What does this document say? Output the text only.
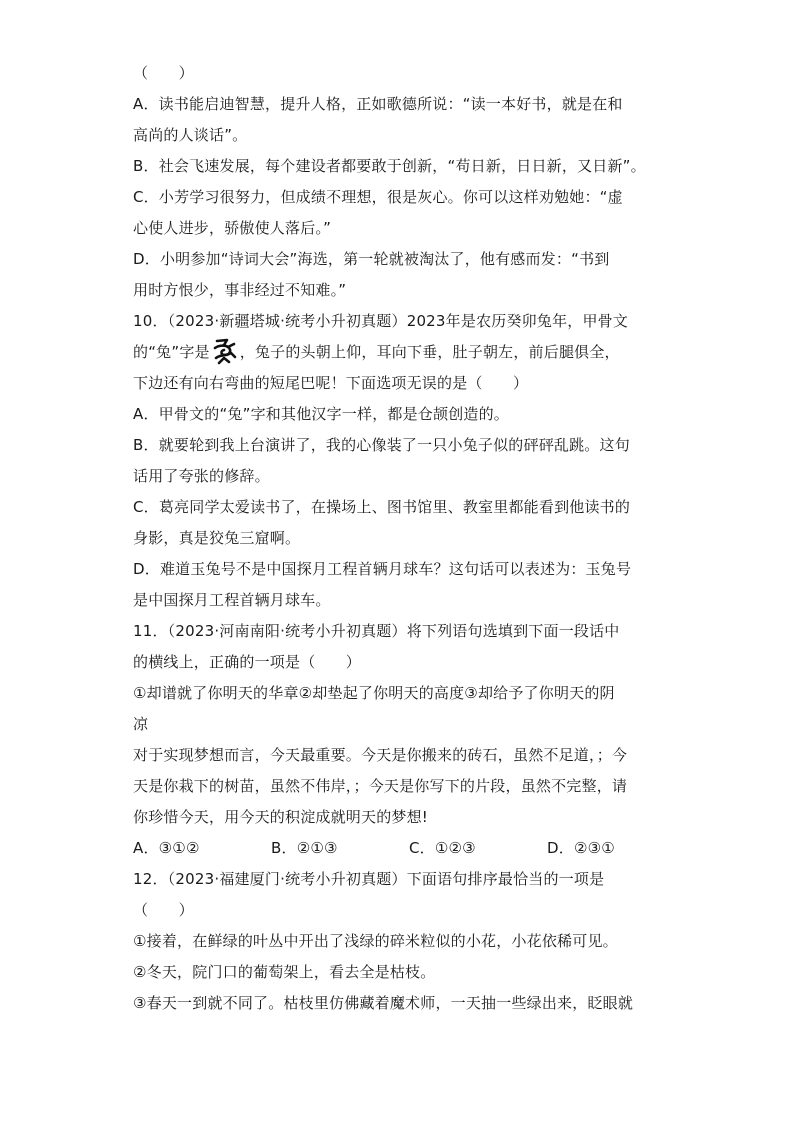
（　　）
A．读书能启迪智慧，提升人格，正如歌德所说：“读一本好书，就是在和
高尚的人谈话”。
B．社会飞速发展，每个建设者都要敢于创新，“苟日新，日日新，又日新”。
C．小芳学习很努力，但成绩不理想，很是灰心。你可以这样劝勉她：“虚
心使人进步，骄傲使人落后。”
D．小明参加“诗词大会”海选，第一轮就被淘汰了，他有感而发：“书到
用时方恨少，事非经过不知难。”
10．（2023·新疆塔城·统考小升初真题）2023年是农历癸卯兔年，甲骨文
的“兔”字是 ，兔子的头朝上仰，耳向下垂，肚子朝左，前后腿俱全，
下边还有向右弯曲的短尾巴呢！下面选项无误的是（　　）
A．甲骨文的“兔”字和其他汉字一样，都是仓颉创造的。
B．就要轮到我上台演讲了，我的心像装了一只小兔子似的砰砰乱跳。这句
话用了夸张的修辞。
C．葛亮同学太爱读书了，在操场上、图书馆里、教室里都能看到他读书的
身影，真是狡兔三窟啊。
D．难道玉兔号不是中国探月工程首辆月球车？这句话可以表述为：玉兔号
是中国探月工程首辆月球车。
11．（2023·河南南阳·统考小升初真题）将下列语句选填到下面一段话中
的横线上，正确的一项是（　　）
①却谱就了你明天的华章②却垫起了你明天的高度③却给予了你明天的阴
凉
对于实现梦想而言，今天最重要。今天是你搬来的砖石，虽然不足道，；今
天是你栽下的树苗，虽然不伟岸，；今天是你写下的片段，虽然不完整，请
你珍惜今天，用今天的积淀成就明天的梦想!
A．③①②	B．②①③	C．①②③	D．②③①
12．（2023·福建厦门·统考小升初真题）下面语句排序最恰当的一项是
（　　）
①接着，在鲜绿的叶丛中开出了浅绿的碎米粒似的小花，小花依稀可见。
②冬天，院门口的葡萄架上，看去全是枯枝。
③春天一到就不同了。枯枝里仿佛藏着魔术师，一天抽一些绿出来，眨眼就
